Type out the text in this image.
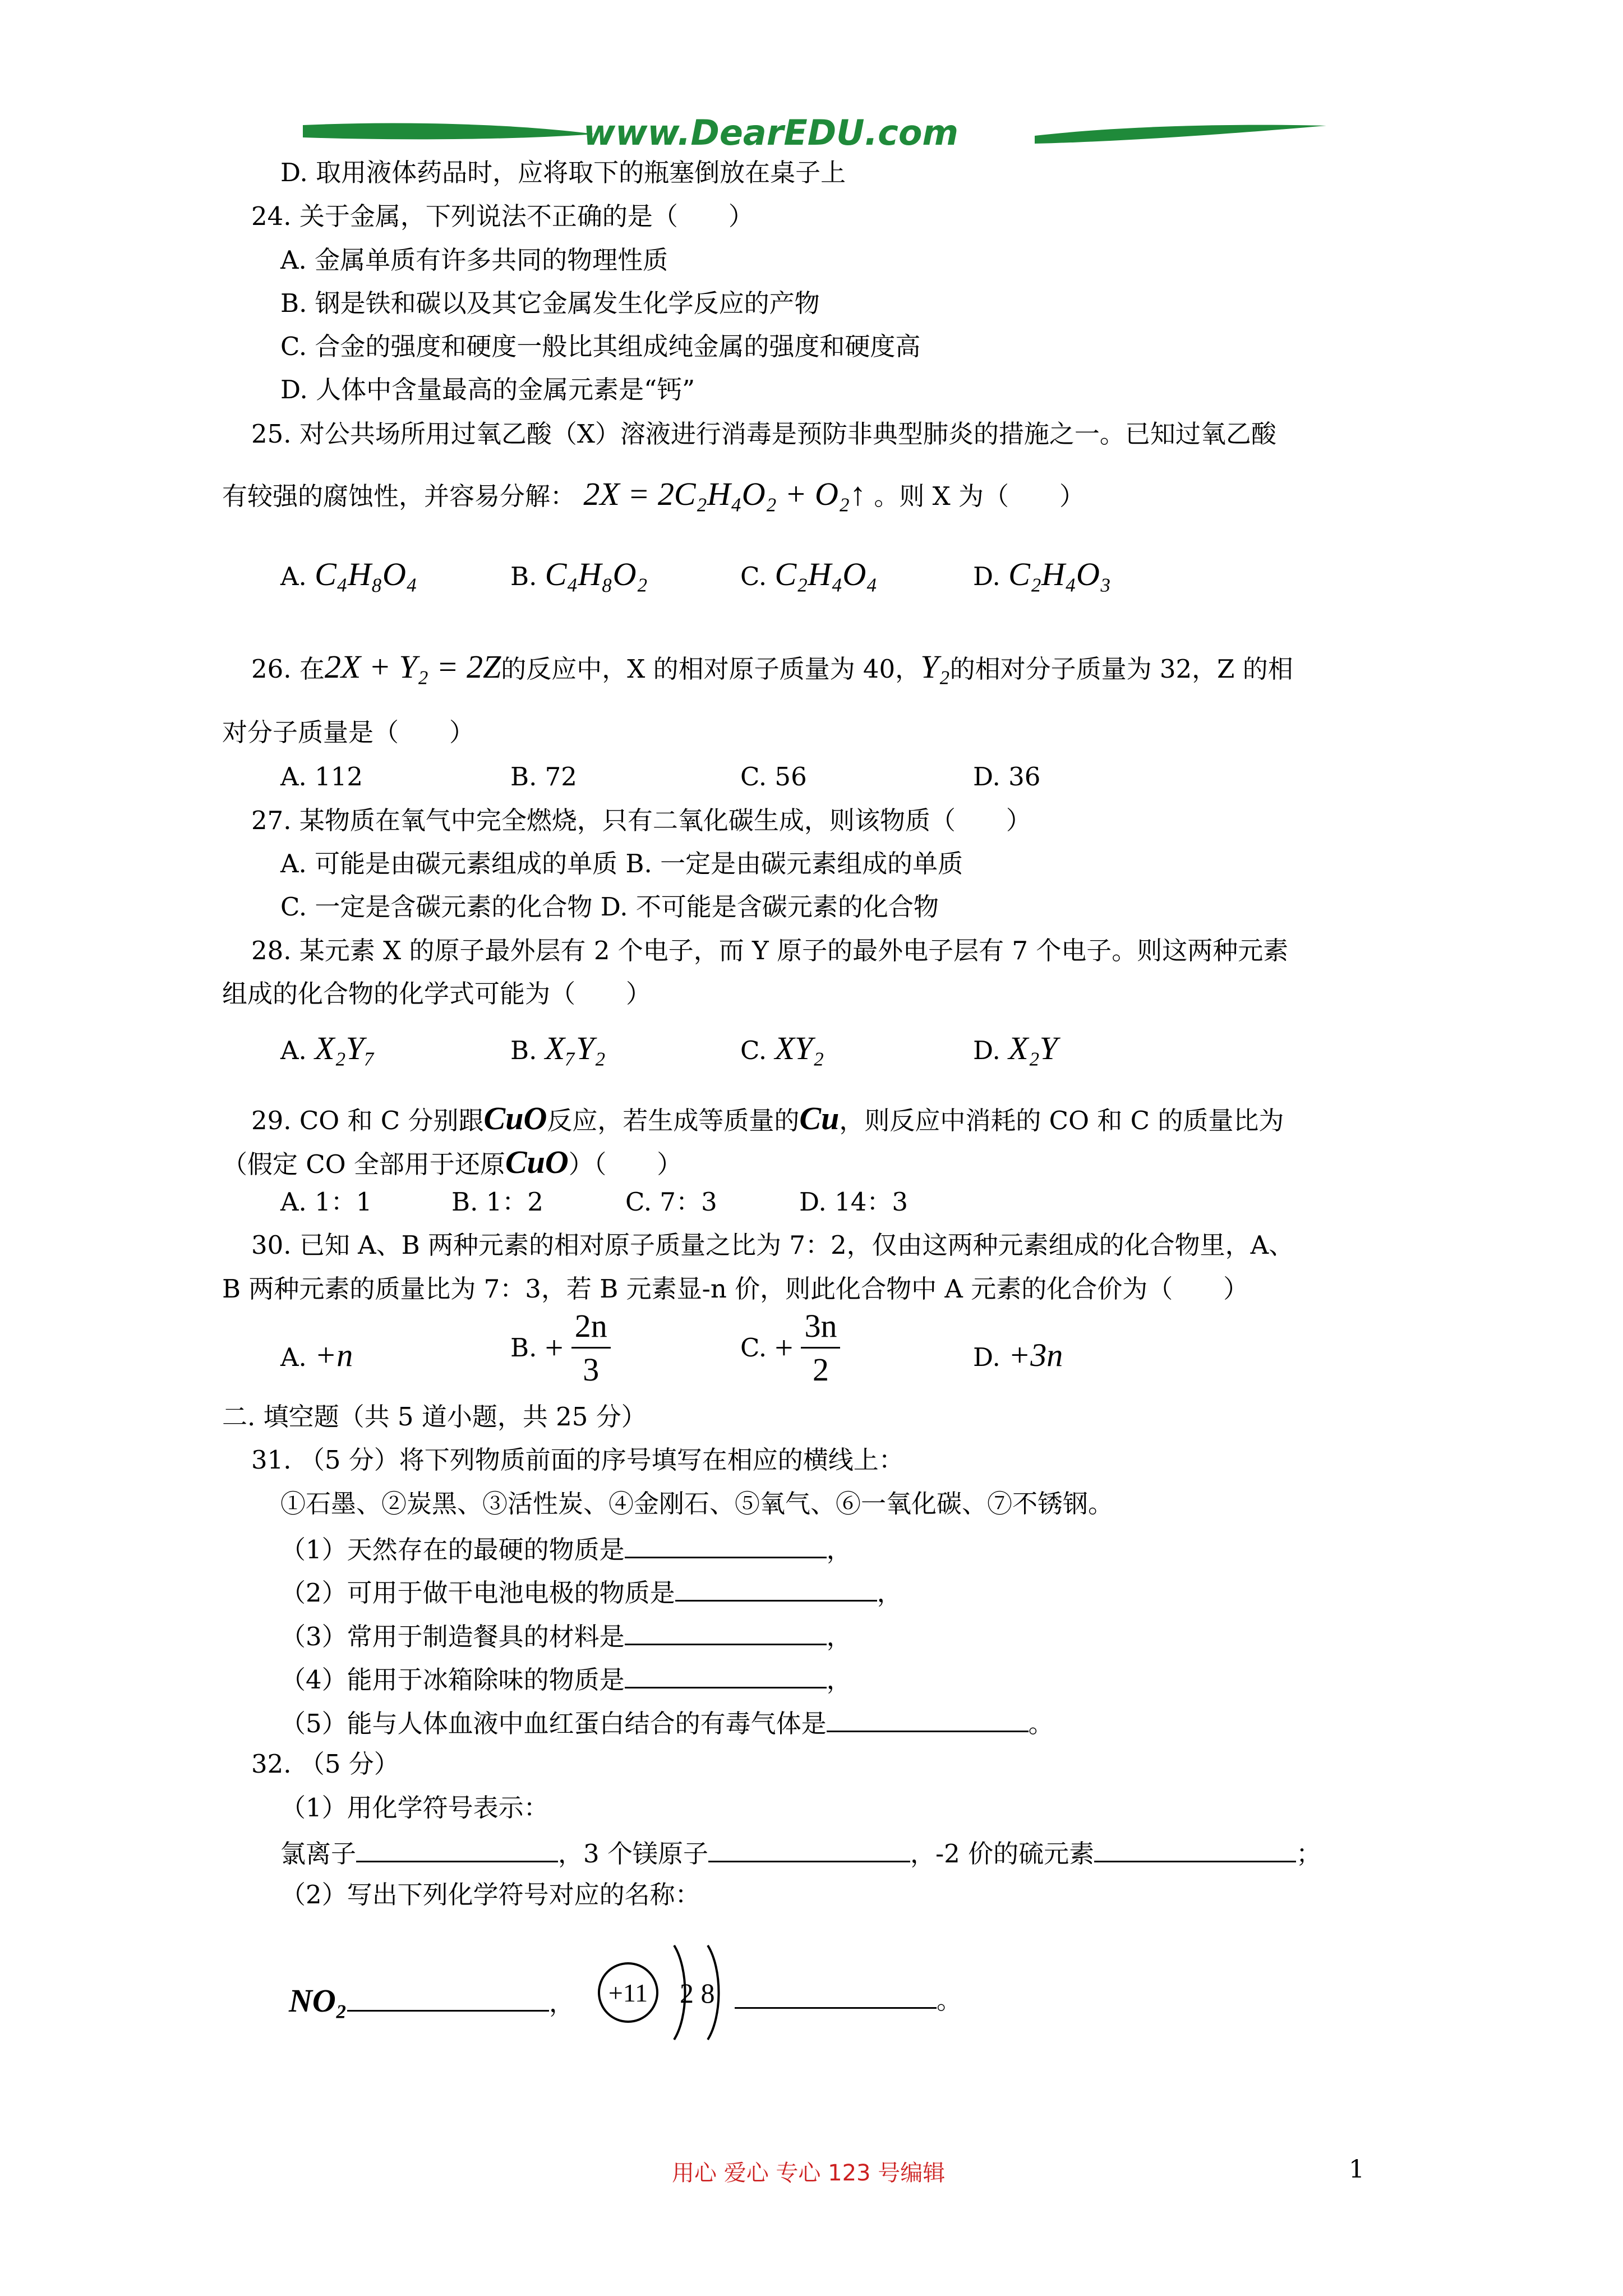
www.DearEDU.com
D. 取用液体药品时，应将取下的瓶塞倒放在桌子上
24. 关于金属，下列说法不正确的是（　　）
A. 金属单质有许多共同的物理性质
B. 钢是铁和碳以及其它金属发生化学反应的产物
C. 合金的强度和硬度一般比其组成纯金属的强度和硬度高
D. 人体中含量最高的金属元素是“钙”
25. 对公共场所用过氧乙酸（X）溶液进行消毒是预防非典型肺炎的措施之一。已知过氧乙酸
有较强的腐蚀性，并容易分解： 2X = 2C₂H₄O₂ + O₂↑ 。则 X 为（　　）
A. C₄H₈O₄	B. C₄H₈O₂	C. C₂H₄O₄	D. C₂H₄O₃
26. 在2X + Y₂ = 2Z的反应中，X 的相对原子质量为 40，Y₂的相对分子质量为 32，Z 的相
对分子质量是（　　）
A. 112	B. 72	C. 56	D. 36
27. 某物质在氧气中完全燃烧，只有二氧化碳生成，则该物质（　　）
A. 可能是由碳元素组成的单质 B. 一定是由碳元素组成的单质
C. 一定是含碳元素的化合物 D. 不可能是含碳元素的化合物
28. 某元素 X 的原子最外层有 2 个电子，而 Y 原子的最外电子层有 7 个电子。则这两种元素
组成的化合物的化学式可能为（　　）
A. X₂Y₇	B. X₇Y₂	C. XY₂	D. X₂Y
29. CO 和 C 分别跟CuO反应，若生成等质量的Cu，则反应中消耗的 CO 和 C 的质量比为
（假定 CO 全部用于还原CuO）（　　）
A. 1：1	B. 1：2	C. 7：3	D. 14：3
30. 已知 A、B 两种元素的相对原子质量之比为 7：2，仅由这两种元素组成的化合物里，A、
B 两种元素的质量比为 7：3，若 B 元素显-n 价，则此化合物中 A 元素的化合价为（　　）
A. +n	B. + $\frac{2n}{3}$	C. + $\frac{3n}{2}$	D. +3n
二. 填空题（共 5 道小题，共 25 分）
31. （5 分）将下列物质前面的序号填写在相应的横线上：
①石墨、②炭黑、③活性炭、④金刚石、⑤氧气、⑥一氧化碳、⑦不锈钢。
（1）天然存在的最硬的物质是	，
（2）可用于做干电池电极的物质是	，
（3）常用于制造餐具的材料是	，
（4）能用于冰箱除味的物质是	，
（5）能与人体血液中血红蛋白结合的有毒气体是	。
32. （5 分）
（1）用化学符号表示：
氯离子	，3 个镁原子	，-2 价的硫元素	；
（2）写出下列化学符号对应的名称：
NO₂	， +11 2 8	。
用心 爱心 专心 123 号编辑	1
